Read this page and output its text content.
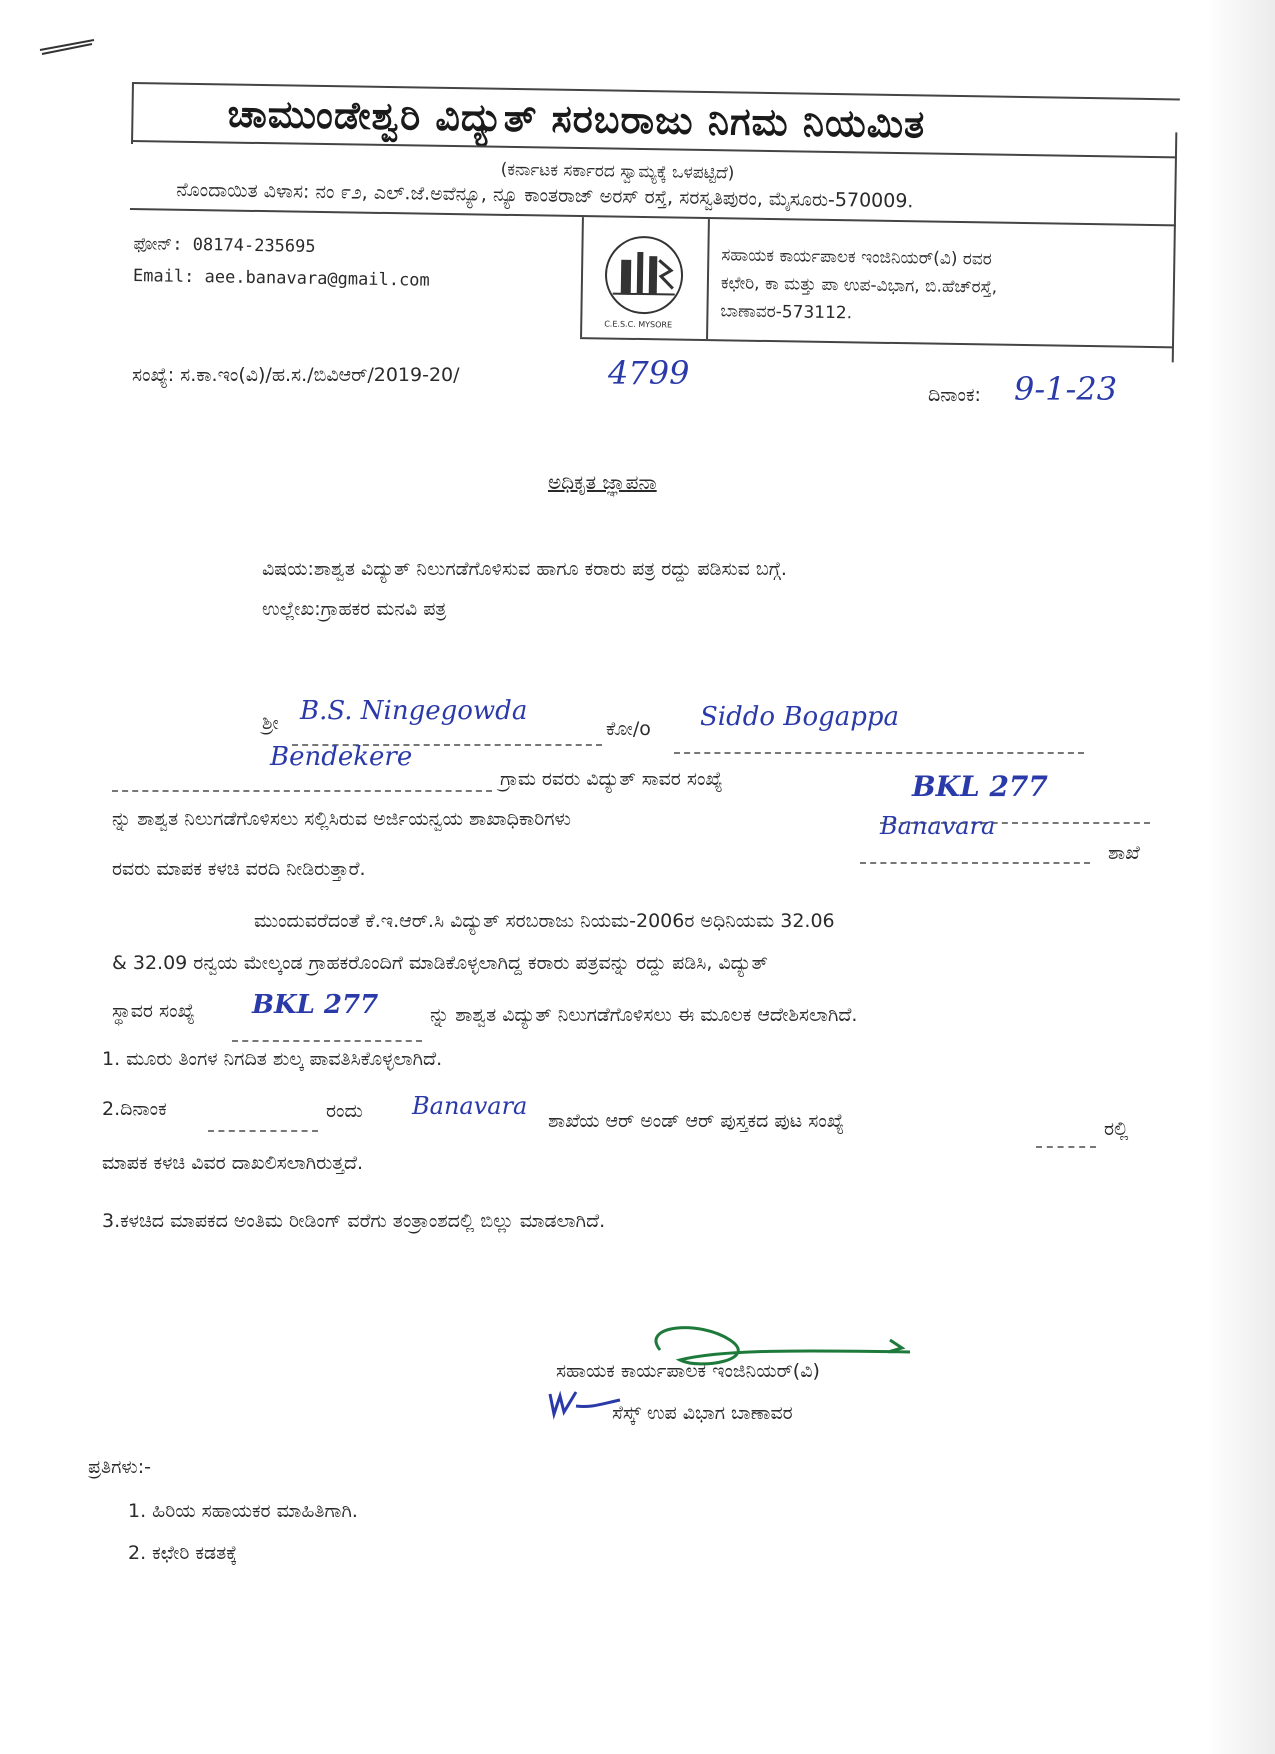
ಚಾಮುಂಡೇಶ್ವರಿ ವಿದ್ಯುತ್ ಸರಬರಾಜು ನಿಗಮ ನಿಯಮಿತ
(ಕರ್ನಾಟಕ ಸರ್ಕಾರದ ಸ್ವಾಮ್ಯಕ್ಕೆ ಒಳಪಟ್ಟಿದೆ)
ನೊಂದಾಯಿತ ವಿಳಾಸ: ನಂ ೯೨, ಎಲ್.ಜೆ.ಅವೆನ್ಯೂ, ನ್ಯೂ ಕಾಂತರಾಜ್ ಅರಸ್ ರಸ್ತೆ, ಸರಸ್ವತಿಪುರಂ, ಮೈಸೂರು-570009.
ಫೋನ್: 08174-235695
Email: aee.banavara@gmail.com
C.E.S.C. MYSORE
ಸಹಾಯಕ ಕಾರ್ಯಪಾಲಕ ಇಂಜಿನಿಯರ್(ವಿ) ರವರ
ಕಛೇರಿ, ಕಾ ಮತ್ತು ಪಾ ಉಪ-ವಿಭಾಗ, ಬಿ.ಹೆಚ್‌ರಸ್ತೆ,
ಬಾಣಾವರ-573112.
ಸಂಖ್ಯೆ: ಸ.ಕಾ.ಇಂ(ವಿ)/ಹ.ಸ./ಬಿವಿಆರ್/2019-20/	4799
ದಿನಾಂಕ: 9-1-23
ಅಧಿಕೃತ ಜ್ಞಾಪನಾ
ವಿಷಯ:ಶಾಶ್ವತ ವಿದ್ಯುತ್ ನಿಲುಗಡೆಗೊಳಿಸುವ ಹಾಗೂ ಕರಾರು ಪತ್ರ ರದ್ದು ಪಡಿಸುವ ಬಗ್ಗೆ.
ಉಲ್ಲೇಖ:ಗ್ರಾಹಕರ ಮನವಿ ಪತ್ರ
ಶ್ರೀ B.S. Ningegowda
ಕೋ/o Siddo Bogappa
Bendekere
ಗ್ರಾಮ ರವರು ವಿದ್ಯುತ್ ಸಾವರ ಸಂಖ್ಯೆ	BKL 277
ನ್ನು ಶಾಶ್ವತ ನಿಲುಗಡೆಗೊಳಿಸಲು ಸಲ್ಲಿಸಿರುವ ಅರ್ಜಿಯನ್ವಯ ಶಾಖಾಧಿಕಾರಿಗಳು	Banavara
ಶಾಖೆ
ರವರು ಮಾಪಕ ಕಳಚಿ ವರದಿ ನೀಡಿರುತ್ತಾರೆ.
ಮುಂದುವರೆದಂತೆ ಕೆ.ಇ.ಆರ್.ಸಿ ವಿದ್ಯುತ್ ಸರಬರಾಜು ನಿಯಮ-2006ರ ಅಧಿನಿಯಮ 32.06
& 32.09 ರನ್ವಯ ಮೇಲ್ಕಂಡ ಗ್ರಾಹಕರೊಂದಿಗೆ ಮಾಡಿಕೊಳ್ಳಲಾಗಿದ್ದ ಕರಾರು ಪತ್ರವನ್ನು ರದ್ದು ಪಡಿಸಿ, ವಿದ್ಯುತ್
ಸ್ಥಾವರ ಸಂಖ್ಯೆ BKL 277	ನ್ನು ಶಾಶ್ವತ ವಿದ್ಯುತ್ ನಿಲುಗಡೆಗೊಳಿಸಲು ಈ ಮೂಲಕ ಆದೇಶಿಸಲಾಗಿದೆ.
1. ಮೂರು ತಿಂಗಳ ನಿಗದಿತ ಶುಲ್ಕ ಪಾವತಿಸಿಕೊಳ್ಳಲಾಗಿದೆ.
2.ದಿನಾಂಕ	ರಂದು Banavara
ಶಾಖೆಯ ಆರ್ ಅಂಡ್ ಆರ್ ಪುಸ್ತಕದ ಪುಟ ಸಂಖ್ಯೆ	ರಲ್ಲಿ
ಮಾಪಕ ಕಳಚಿ ವಿವರ ದಾಖಲಿಸಲಾಗಿರುತ್ತದೆ.
3.ಕಳಚಿದ ಮಾಪಕದ ಅಂತಿಮ ರೀಡಿಂಗ್ ವರೆಗು ತಂತ್ರಾಂಶದಲ್ಲಿ ಬಿಲ್ಲು ಮಾಡಲಾಗಿದೆ.
ಸಹಾಯಕ ಕಾರ್ಯಪಾಲಕ ಇಂಜಿನಿಯರ್(ವಿ)
ಸೆಸ್ಕ್ ಉಪ ವಿಭಾಗ ಬಾಣಾವರ
ಪ್ರತಿಗಳು:-
1. ಹಿರಿಯ ಸಹಾಯಕರ ಮಾಹಿತಿಗಾಗಿ.
2. ಕಛೇರಿ ಕಡತಕ್ಕೆ
